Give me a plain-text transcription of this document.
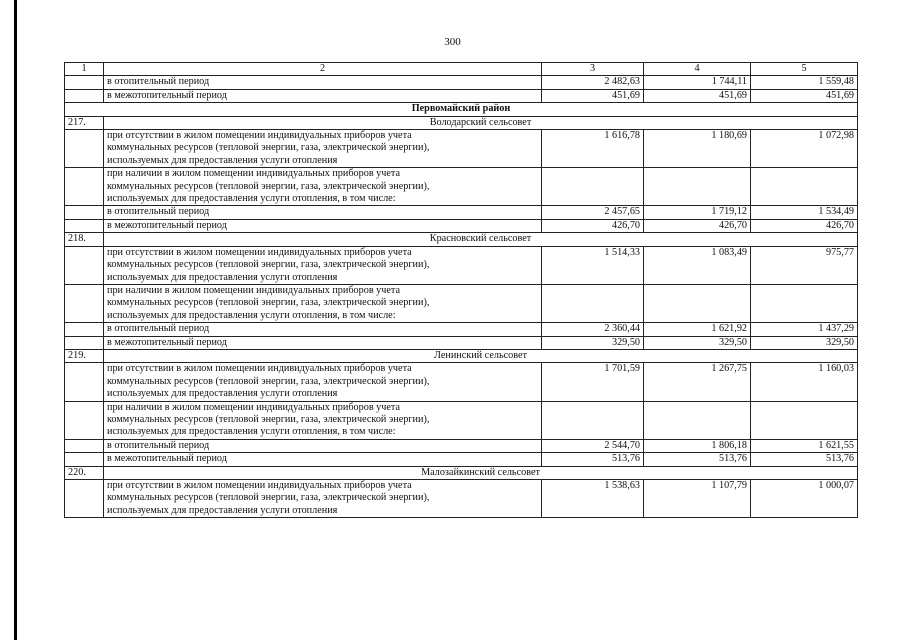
300
1	2	3	4	5
	в отопительный период	2 482,63	1 744,11	1 559,48
	в межотопительный период	451,69	451,69	451,69
Первомайский район				
217.	Володарский сельсовет			

	при отсутствии в жилом помещении индивидуальных приборов учета
коммунальных ресурсов (тепловой энергии, газа, электрической энергии),
используемых для предоставления услуги отопления	1 616,78	1 180,69	1 072,98

	при наличии в жилом помещении индивидуальных приборов учета
коммунальных ресурсов (тепловой энергии, газа, электрической энергии),
используемых для предоставления услуги отопления, в том числе:			

	в отопительный период	2 457,65	1 719,12	1 534,49
	в межотопительный период	426,70	426,70	426,70
218.	Красновский сельсовет			

	при отсутствии в жилом помещении индивидуальных приборов учета
коммунальных ресурсов (тепловой энергии, газа, электрической энергии),
используемых для предоставления услуги отопления	1 514,33	1 083,49	975,77

	при наличии в жилом помещении индивидуальных приборов учета
коммунальных ресурсов (тепловой энергии, газа, электрической энергии),
используемых для предоставления услуги отопления, в том числе:			

	в отопительный период	2 360,44	1 621,92	1 437,29
	в межотопительный период	329,50	329,50	329,50
219.	Ленинский сельсовет			

	при отсутствии в жилом помещении индивидуальных приборов учета
коммунальных ресурсов (тепловой энергии, газа, электрической энергии),
используемых для предоставления услуги отопления	1 701,59	1 267,75	1 160,03

	при наличии в жилом помещении индивидуальных приборов учета
коммунальных ресурсов (тепловой энергии, газа, электрической энергии),
используемых для предоставления услуги отопления, в том числе:			

	в отопительный период	2 544,70	1 806,18	1 621,55
	в межотопительный период	513,76	513,76	513,76
220.	Малозайкинский сельсовет			

	при отсутствии в жилом помещении индивидуальных приборов учета
коммунальных ресурсов (тепловой энергии, газа, электрической энергии),
используемых для предоставления услуги отопления	1 538,63	1 107,79	1 000,07
